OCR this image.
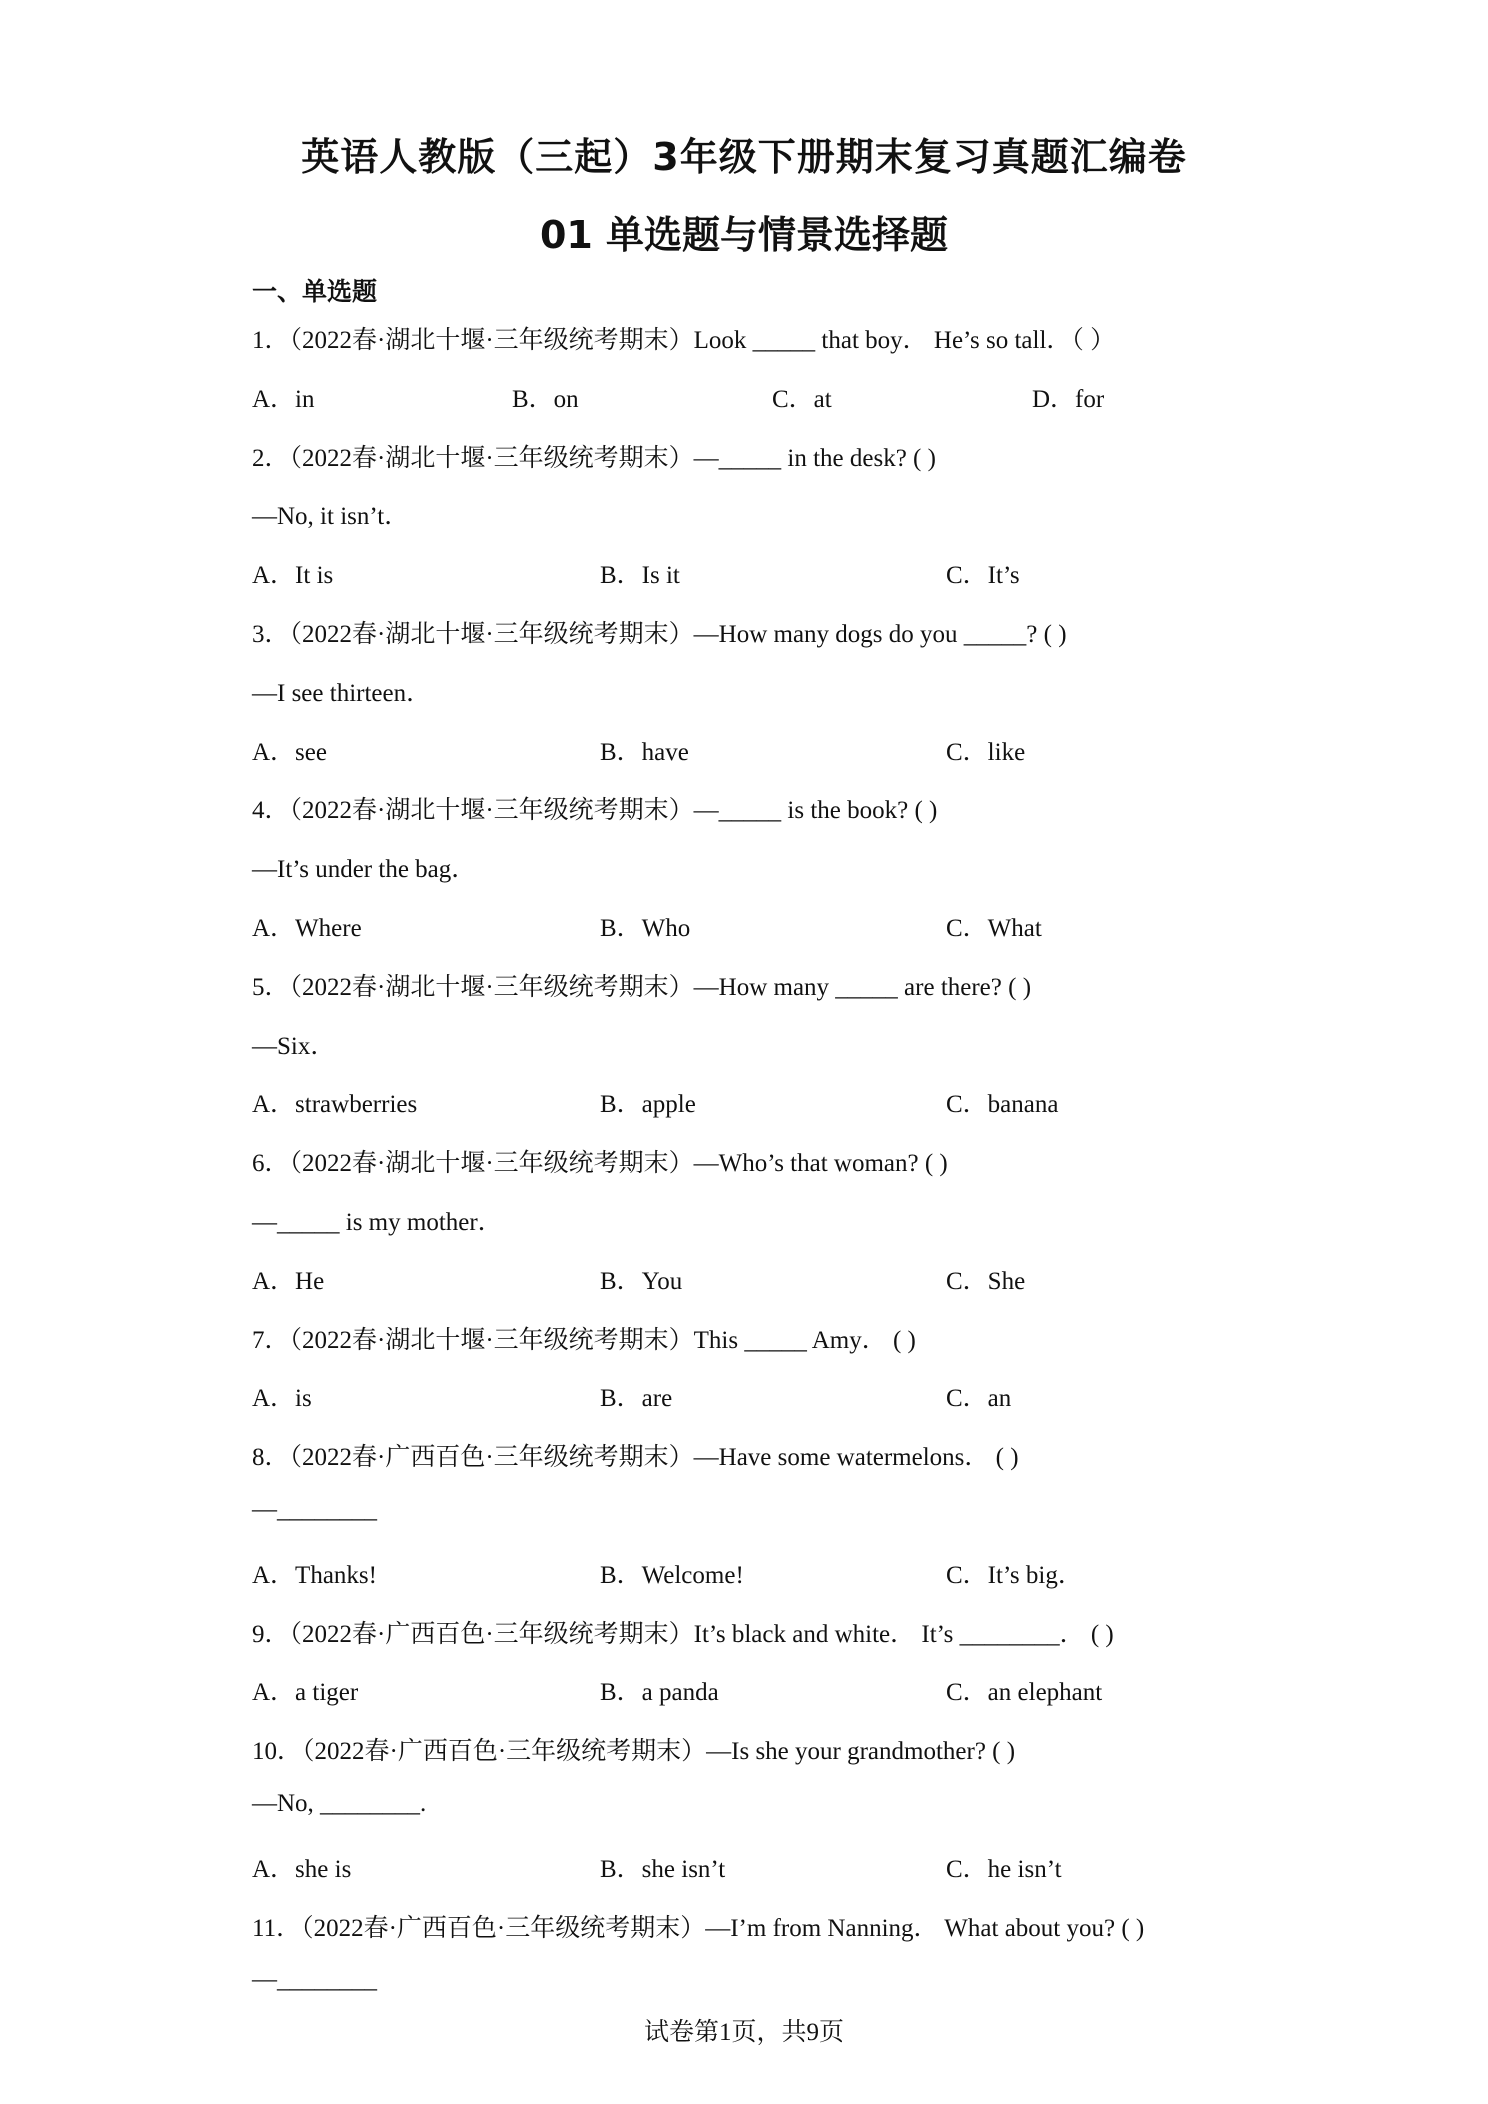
英语人教版（三起）3年级下册期末复习真题汇编卷
01 单选题与情景选择题
一、单选题
1．（2022春·湖北十堰·三年级统考期末）Look _____ that boy． He’s so tall．（ ）
A．in	B．on	C．at	D．for
2．（2022春·湖北十堰·三年级统考期末）—_____ in the desk? ( )
—No, it isn’t．
A．It is	B．Is it	C．It’s
3．（2022春·湖北十堰·三年级统考期末）—How many dogs do you _____? ( )
—I see thirteen．
A．see	B．have	C．like
4．（2022春·湖北十堰·三年级统考期末）—_____ is the book? ( )
—It’s under the bag．
A．Where	B．Who	C．What
5．（2022春·湖北十堰·三年级统考期末）—How many _____ are there? ( )
—Six．
A．strawberries	B．apple	C．banana
6．（2022春·湖北十堰·三年级统考期末）—Who’s that woman? ( )
—_____ is my mother．
A．He	B．You	C．She
7．（2022春·湖北十堰·三年级统考期末）This _____ Amy． ( )
A．is	B．are	C．an
8．（2022春·广西百色·三年级统考期末）—Have some watermelons． ( )
—________
A．Thanks!	B．Welcome!	C．It’s big．
9．（2022春·广西百色·三年级统考期末）It’s black and white． It’s ________． ( )
A．a tiger	B．a panda	C．an elephant
10．（2022春·广西百色·三年级统考期末）—Is she your grandmother? ( )
—No, ________.
A．she is	B．she isn’t	C．he isn’t
11．（2022春·广西百色·三年级统考期末）—I’m from Nanning． What about you? ( )
—________
试卷第1页，共9页
